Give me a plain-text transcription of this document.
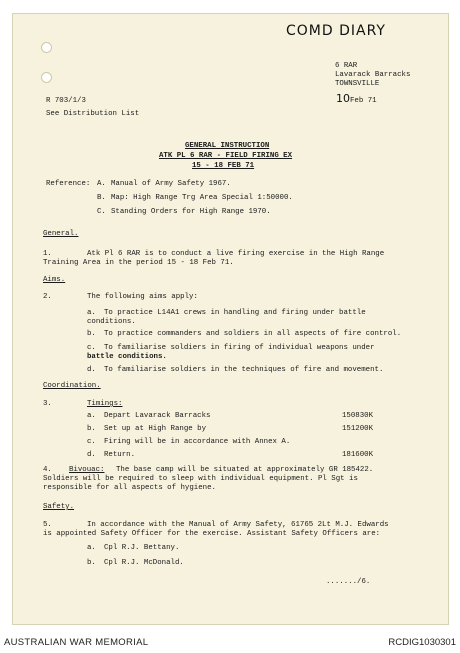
COMD DIARY
6 RAR
Lavarack Barracks
TOWNSVILLE
10 Feb 71
R 703/1/3
See Distribution List
GENERAL INSTRUCTION
ATK PL 6 RAR - FIELD FIRING EX
15 - 18 FEB 71
Reference: A. Manual of Army Safety 1967.
B. Map: High Range Trg Area Special 1:50000.
C. Standing Orders for High Range 1970.
General.
1.	Atk Pl 6 RAR is to conduct a live firing exercise in the High Range
Training Area in the period 15 - 18 Feb 71.
Aims.
2.	The following aims apply:
a. To practice L14A1 crews in handling and firing under battle
conditions.
b. To practice commanders and soldiers in all aspects of fire control.
c. To familiarise soldiers in firing of individual weapons under
battle conditions.
d. To familiarise soldiers in the techniques of fire and movement.
Coordination.
3.	Timings:
a. Depart Lavarack Barracks	150830K
b. Set up at High Range by	151200K
c. Firing will be in accordance with Annex A.
d. Return.	181600K
4. Bivouac: The base camp will be situated at approximately GR 185422.
Soldiers will be required to sleep with individual equipment. Pl Sgt is
responsible for all aspects of hygiene.
Safety.
5.	In accordance with the Manual of Army Safety, 61765 2Lt M.J. Edwards
is appointed Safety Officer for the exercise. Assistant Safety Officers are:
a. Cpl R.J. Bettany.
b. Cpl R.J. McDonald.
......./6.
AUSTRALIAN WAR MEMORIAL	RCDIG1030301
